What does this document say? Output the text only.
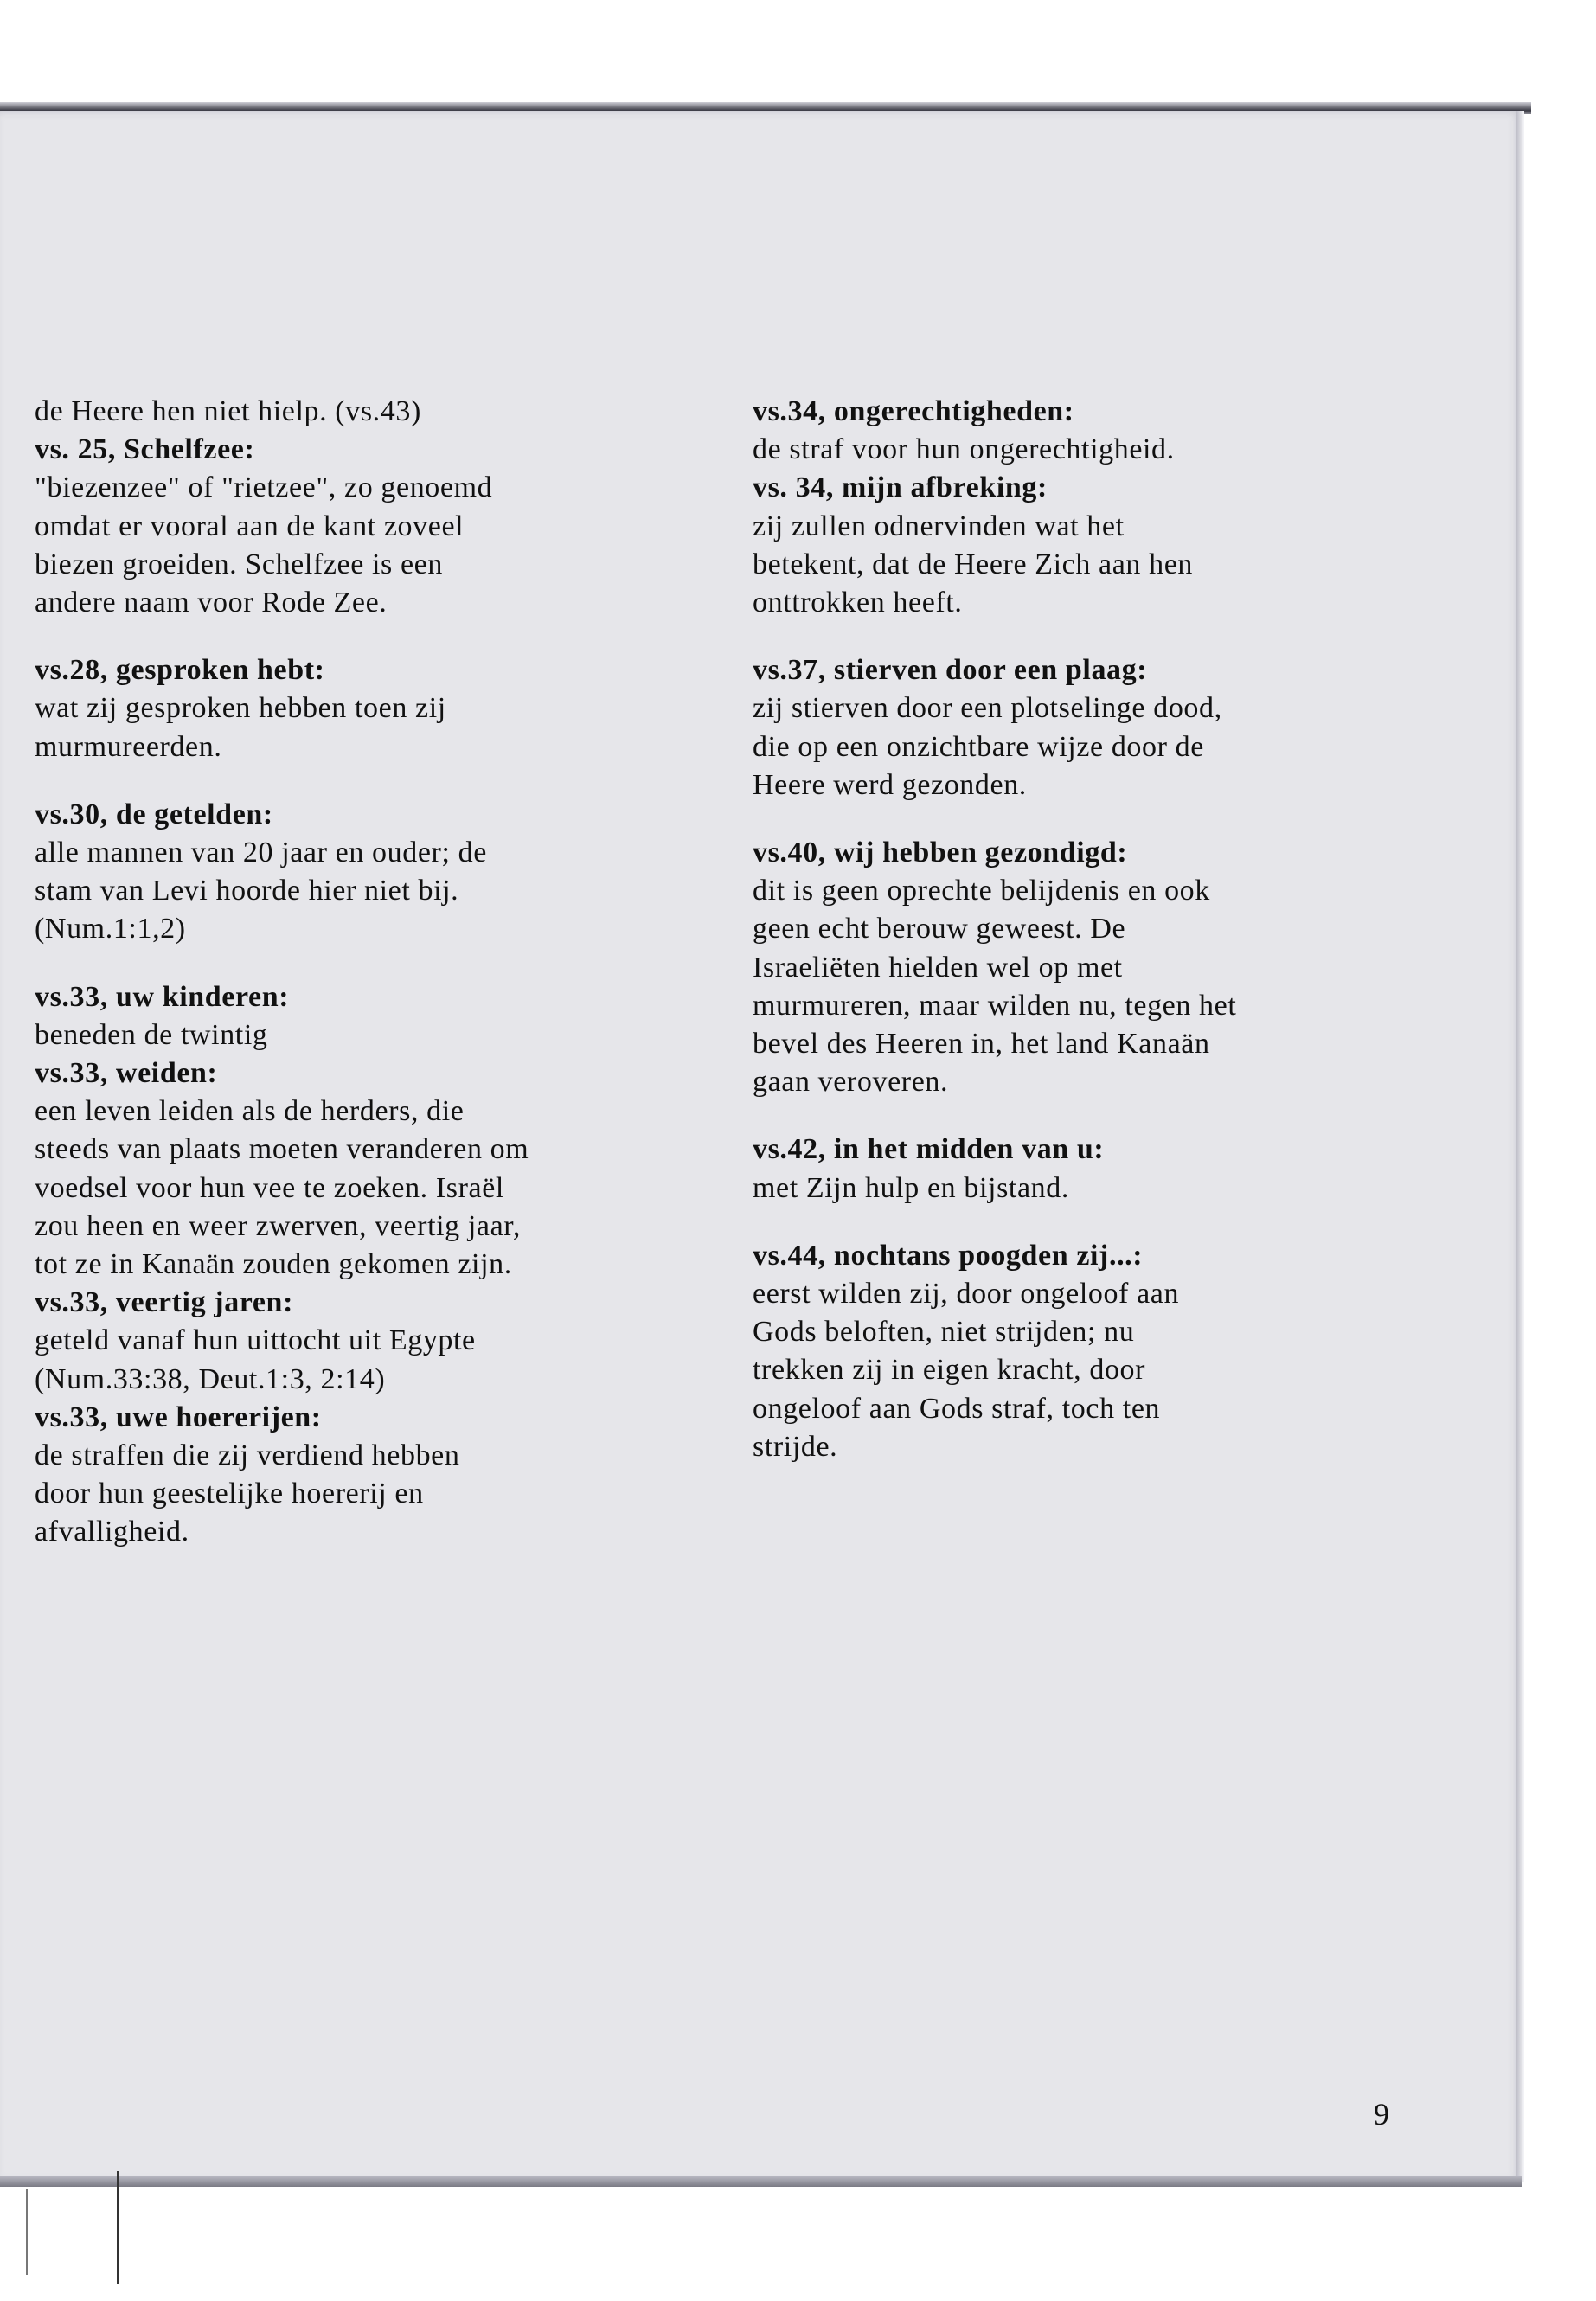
de Heere hen niet hielp. (vs.43)
vs. 25, Schelfzee:
"biezenzee" of "rietzee", zo genoemd
omdat er vooral aan de kant zoveel
biezen groeiden. Schelfzee is een
andere naam voor Rode Zee.
vs.28, gesproken hebt:
wat zij gesproken hebben toen zij
murmureerden.
vs.30, de getelden:
alle mannen van 20 jaar en ouder; de
stam van Levi hoorde hier niet bij.
(Num.1:1,2)
vs.33, uw kinderen:
beneden de twintig
vs.33, weiden:
een leven leiden als de herders, die
steeds van plaats moeten veranderen om
voedsel voor hun vee te zoeken. Israël
zou heen en weer zwerven, veertig jaar,
tot ze in Kanaän zouden gekomen zijn.
vs.33, veertig jaren:
geteld vanaf hun uittocht uit Egypte
(Num.33:38, Deut.1:3, 2:14)
vs.33, uwe hoererijen:
de straffen die zij verdiend hebben
door hun geestelijke hoererij en
afvalligheid.
vs.34, ongerechtigheden:
de straf voor hun ongerechtigheid.
vs. 34, mijn afbreking:
zij zullen odnervinden wat het
betekent, dat de Heere Zich aan hen
onttrokken heeft.
vs.37, stierven door een plaag:
zij stierven door een plotselinge dood,
die op een onzichtbare wijze door de
Heere werd gezonden.
vs.40, wij hebben gezondigd:
dit is geen oprechte belijdenis en ook
geen echt berouw geweest. De
Israeliëten hielden wel op met
murmureren, maar wilden nu, tegen het
bevel des Heeren in, het land Kanaän
gaan veroveren.
vs.42, in het midden van u:
met Zijn hulp en bijstand.
vs.44, nochtans poogden zij...:
eerst wilden zij, door ongeloof aan
Gods beloften, niet strijden; nu
trekken zij in eigen kracht, door
ongeloof aan Gods straf, toch ten
strijde.
9
